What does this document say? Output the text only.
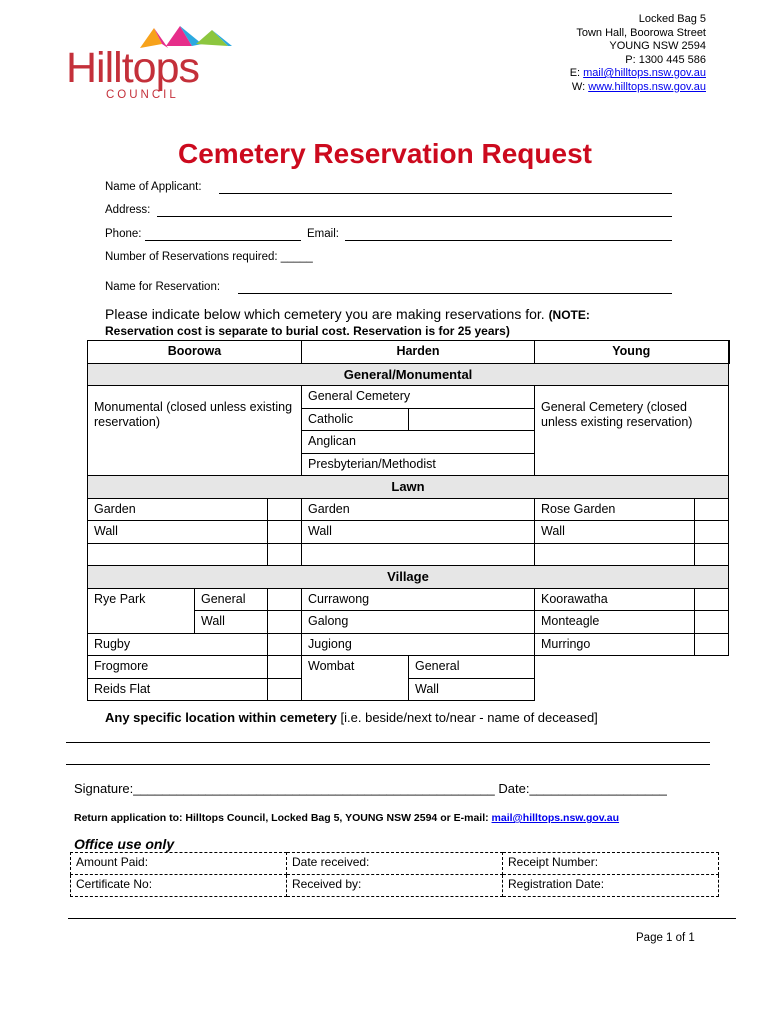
Hilltops
COUNCIL
Locked Bag 5
Town Hall, Boorowa Street
YOUNG NSW 2594
P: 1300 445 586
E: mail@hilltops.nsw.gov.au
W: www.hilltops.nsw.gov.au
Cemetery Reservation Request
Name of Applicant:
Address:
Phone:	Email:
Number of Reservations required: _____
Name for Reservation:
Please indicate below which cemetery you are making reservations for. (NOTE:
Reservation cost is separate to burial cost. Reservation is for 25 years)
Boorowa			Harden		Young	
General/Monumental						
Monumental (closed unless existing reservation)			General Cemetery		General Cemetery (closed unless existing reservation)	
			Catholic			
			Anglican			
			Presbyterian/Methodist			
Lawn						
Garden			Garden		Rose Garden	
Wall			Wall		Wall	

Village						
Rye Park	General		Currawong		Koorawatha	
	Wall		Galong		Monteagle	
Rugby			Jugiong		Murringo	
Frogmore			Wombat	General		
Reids Flat				Wall		
Any specific location within cemetery [i.e. beside/next to/near - name of deceased]
Signature:__________________________________________________ Date:___________________
Return application to: Hilltops Council, Locked Bag 5, YOUNG NSW 2594 or E-mail: mail@hilltops.nsw.gov.au
Office use only
Amount Paid:	Date received:	Receipt Number:
Certificate No:	Received by:	Registration Date:
Page 1 of 1
